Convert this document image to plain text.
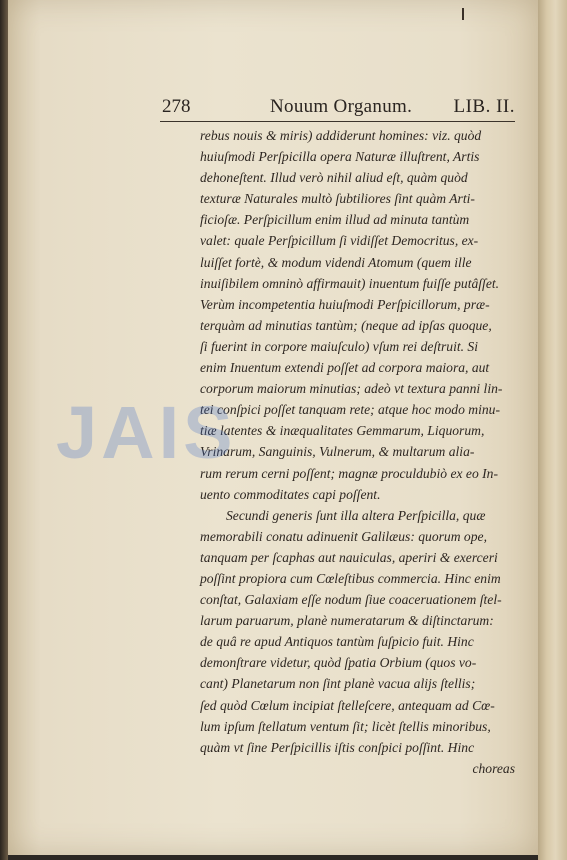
278	Nouum Organum. LIB. II.
rebus nouis & miris) addiderunt homines: viz. quòd
huiuſmodi Perſpicilla opera Naturæ illuſtrent, Artis
dehoneſtent. Illud verò nihil aliud eſt, quàm quòd
texturæ Naturales multò ſubtiliores ſint quàm Arti-
ficioſæ. Perſpicillum enim illud ad minuta tantùm
valet: quale Perſpicillum ſi vidiſſet Democritus, ex-
luiſſet fortè, & modum videndi Atomum (quem ille
inuiſibilem omninò affirmauit) inuentum fuiſſe putâſſet.
Verùm incompetentia huiuſmodi Perſpicillorum, præ-
terquàm ad minutias tantùm; (neque ad ipſas quoque,
ſi fuerint in corpore maiuſculo) vſum rei deſtruit. Si
enim Inuentum extendi poſſet ad corpora maiora, aut
corporum maiorum minutias; adeò vt textura panni lin-
tei conſpici poſſet tanquam rete; atque hoc modo minu-
tiæ latentes & inæqualitates Gemmarum, Liquorum,
Vrinarum, Sanguinis, Vulnerum, & multarum alia-
rum rerum cerni poſſent; magnæ proculdubiò ex eo In-
uento commoditates capi poſſent.
Secundi generis ſunt illa altera Perſpicilla, quæ
memorabili conatu adinuenit Galilæus: quorum ope,
tanquam per ſcaphas aut nauiculas, aperiri & exerceri
poſſint propiora cum Cœleſtibus commercia. Hinc enim
conſtat, Galaxiam eſſe nodum ſiue coaceruationem ſtel-
larum paruarum, planè numeratarum & diſtinctarum:
de quâ re apud Antiquos tantùm ſuſpicio fuit. Hinc
demonſtrare videtur, quòd ſpatia Orbium (quos vo-
cant) Planetarum non ſint planè vacua alijs ſtellis;
ſed quòd Cœlum incipiat ſtelleſcere, antequam ad Cœ-
lum ipſum ſtellatum ventum ſit; licèt ſtellis minoribus,
quàm vt ſine Perſpicillis iſtis conſpici poſſint. Hinc
choreas
JAIS
